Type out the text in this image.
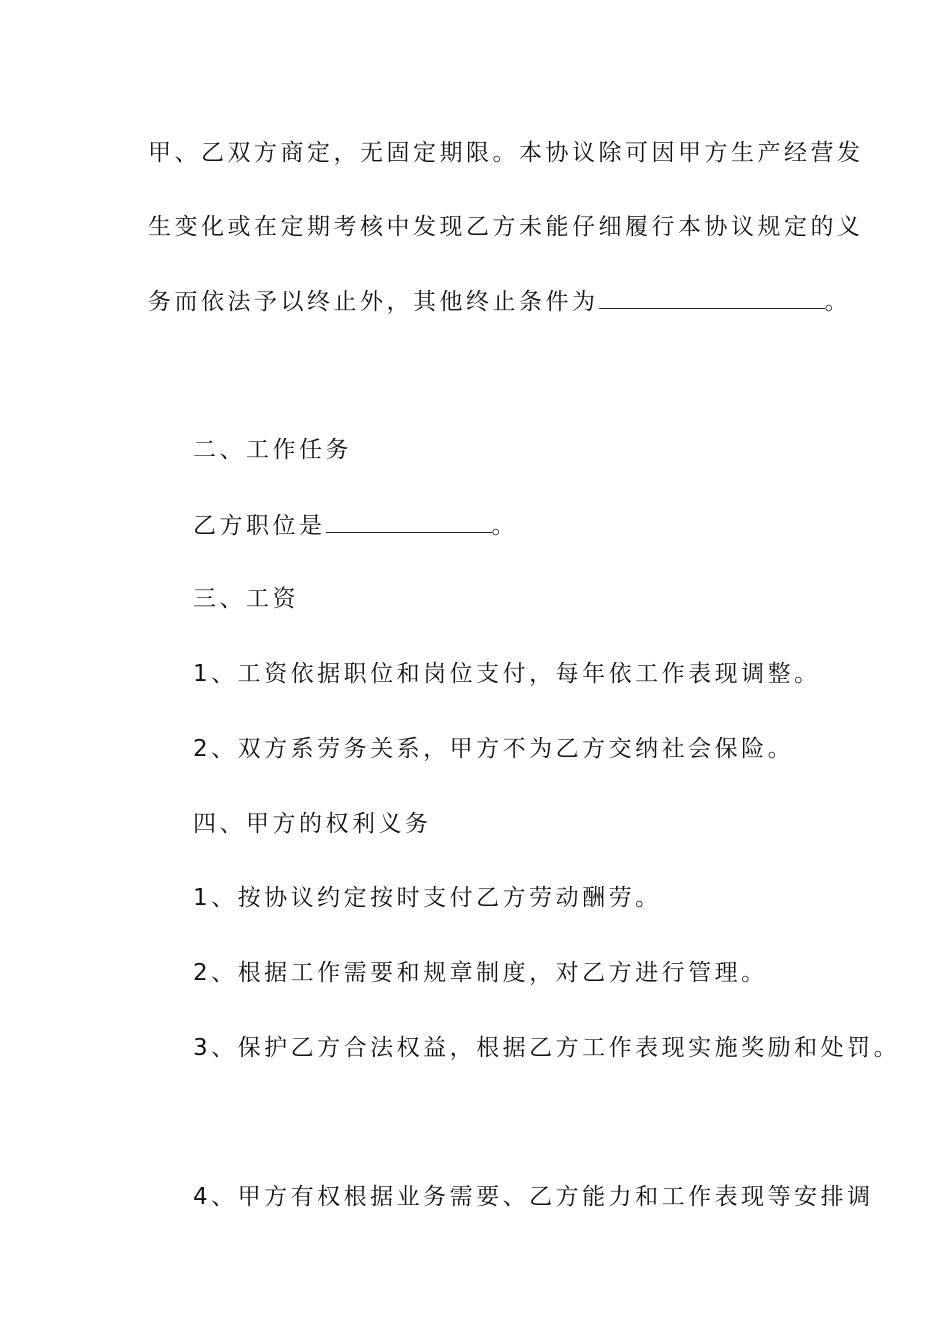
甲、乙双方商定，无固定期限。本协议除可因甲方生产经营发
生变化或在定期考核中发现乙方未能仔细履行本协议规定的义
务而依法予以终止外，其他终止条件为	。
二、工作任务
乙方职位是	。
三、工资
1、工资依据职位和岗位支付，每年依工作表现调整。
2、双方系劳务关系，甲方不为乙方交纳社会保险。
四、甲方的权利义务
1、按协议约定按时支付乙方劳动酬劳。
2、根据工作需要和规章制度，对乙方进行管理。
3、保护乙方合法权益，根据乙方工作表现实施奖励和处罚。
4、甲方有权根据业务需要、乙方能力和工作表现等安排调
